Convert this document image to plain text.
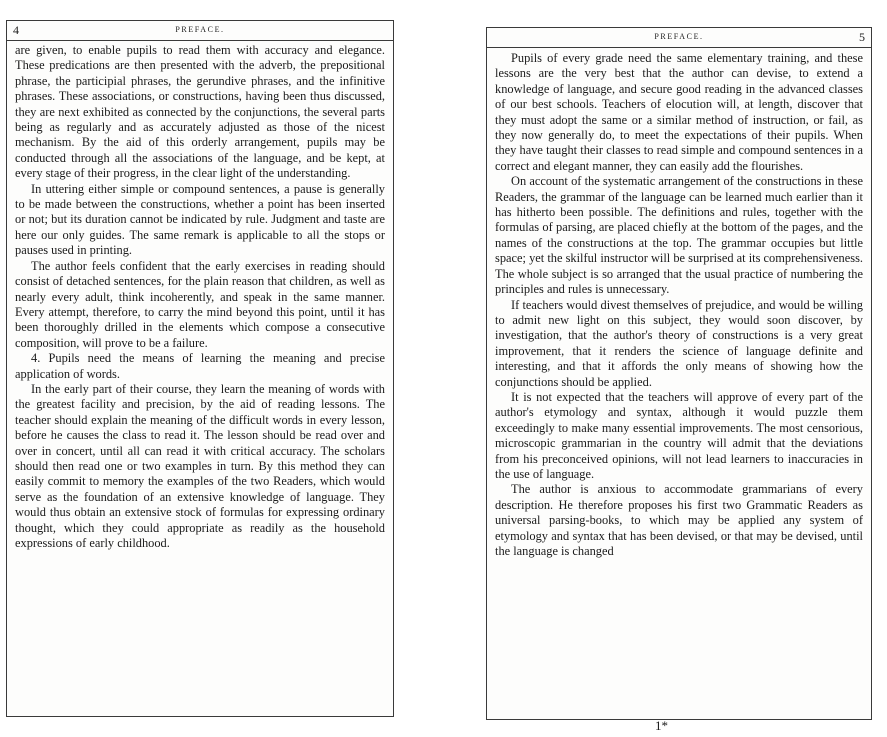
4	PREFACE.

are given, to enable pupils to read them with accuracy and elegance. These predications are then presented with the adverb, the prepositional phrase, the participial phrases, the gerundive phrases, and the infinitive phrases. These associations, or constructions, having been thus discussed, they are next exhibited as connected by the conjunctions, the several parts being as regularly and as accurately adjusted as those of the nicest mechanism. By the aid of this orderly arrangement, pupils may be conducted through all the associations of the language, and be kept, at every stage of their progress, in the clear light of the understanding.

In uttering either simple or compound sentences, a pause is generally to be made between the constructions, whether a point has been inserted or not; but its duration cannot be indicated by rule. Judgment and taste are here our only guides. The same remark is applicable to all the stops or pauses used in printing.

The author feels confident that the early exercises in reading should consist of detached sentences, for the plain reason that children, as well as nearly every adult, think incoherently, and speak in the same manner. Every attempt, therefore, to carry the mind beyond this point, until it has been thoroughly drilled in the elements which compose a consecutive composition, will prove to be a failure.

4. Pupils need the means of learning the meaning and precise application of words.

In the early part of their course, they learn the meaning of words with the greatest facility and precision, by the aid of reading lessons. The teacher should explain the meaning of the difficult words in every lesson, before he causes the class to read it. The lesson should be read over and over in concert, until all can read it with critical accuracy. The scholars should then read one or two examples in turn. By this method they can easily commit to memory the examples of the two Readers, which would serve as the foundation of an extensive knowledge of language. They would thus obtain an extensive stock of formulas for expressing ordinary thought, which they could appropriate as readily as the household expressions of early childhood.

PREFACE.	5

Pupils of every grade need the same elementary training, and these lessons are the very best that the author can devise, to extend a knowledge of language, and secure good reading in the advanced classes of our best schools. Teachers of elocution will, at length, discover that they must adopt the same or a similar method of instruction, or fail, as they now generally do, to meet the expectations of their pupils. When they have taught their classes to read simple and compound sentences in a correct and elegant manner, they can easily add the flourishes.

On account of the systematic arrangement of the constructions in these Readers, the grammar of the language can be learned much earlier than it has hitherto been possible. The definitions and rules, together with the formulas of parsing, are placed chiefly at the bottom of the pages, and the names of the constructions at the top. The grammar occupies but little space; yet the skilful instructor will be surprised at its comprehensiveness. The whole subject is so arranged that the usual practice of numbering the principles and rules is unnecessary.

If teachers would divest themselves of prejudice, and would be willing to admit new light on this subject, they would soon discover, by investigation, that the author's theory of constructions is a very great improvement, that it renders the science of language definite and interesting, and that it affords the only means of showing how the conjunctions should be applied.

It is not expected that the teachers will approve of every part of the author's etymology and syntax, although it would puzzle them exceedingly to make many essential improvements. The most censorious, microscopic grammarian in the country will admit that the deviations from his preconceived opinions, will not lead learners to inaccuracies in the use of language.

The author is anxious to accommodate grammarians of every description. He therefore proposes his first two Grammatic Readers as universal parsing-books, to which may be applied any system of etymology and syntax that has been devised, or that may be devised, until the language is changed

1*
